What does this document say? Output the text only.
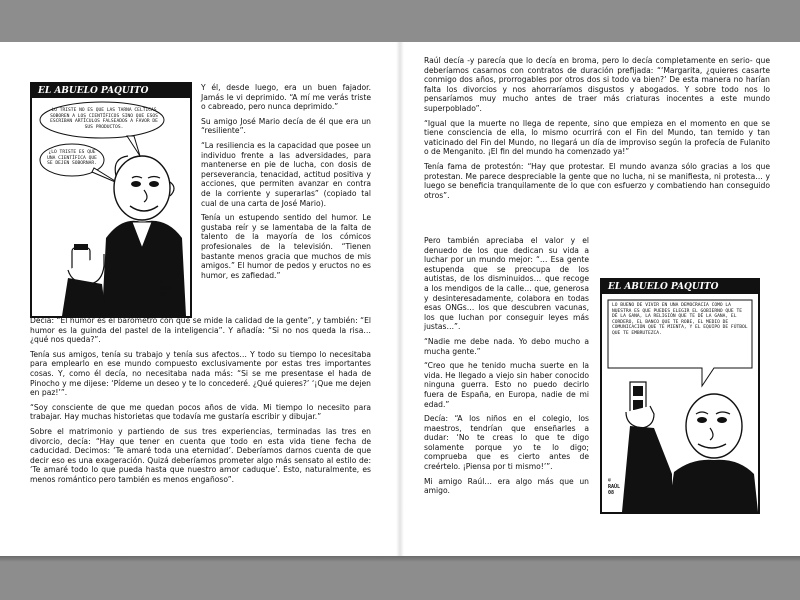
EL ABUELO PAQUITO
LO TRISTE NO ES QUE LAS TARNA CELTICAS SOBOREN A LOS CIENTÍFICOS SINO QUE ESOS ESCRIBAN ARTÍCULOS FALSEADOS A FAVOR DE SUS PRODUCTOS.
¿LO TRISTE ES QUE UNA CIENTÍFICA QUE SE DEJEN SOBORNAR.
©
RAÚL
08

Y él, desde luego, era un buen fajador. Jamás le vi deprimido. “A mí me verás triste o cabreado, pero nunca deprimido.”

Su amigo José Mario decía de él que era un “resiliente”.

“La resiliencia es la capacidad que posee un individuo frente a las adversidades, para mantenerse en pie de lucha, con dosis de perseverancia, tenacidad, actitud positiva y acciones, que permiten avanzar en contra de la corriente y superarlas” (copiado tal cual de una carta de José Mario).

Tenía un estupendo sentido del humor. Le gustaba reír y se lamentaba de la falta de talento de la mayoría de los cómicos profesionales de la televisión. “Tienen bastante menos gracia que muchos de mis amigos.” El humor de pedos y eructos no es humor, es zafiedad.”

Decía: “El humor es el barómetro con que se mide la calidad de la gente”, y también: “El humor es la guinda del pastel de la inteligencia”. Y añadía: “Si no nos queda la risa… ¿qué nos queda?”.

Tenía sus amigos, tenía su trabajo y tenía sus afectos… Y todo su tiempo lo necesitaba para emplearlo en ese mundo compuesto exclusivamente por estas tres importantes cosas. Y, como él decía, no necesitaba nada más: “Si se me presentase el hada de Pinocho y me dijese: ‘Pídeme un deseo y te lo concederé. ¿Qué quieres?’ ‘¡Que me dejen en paz!’”.

“Soy consciente de que me quedan pocos años de vida. Mi tiempo lo necesito para trabajar. Hay muchas historietas que todavía me gustaría escribir y dibujar.”

Sobre el matrimonio y partiendo de sus tres experiencias, terminadas las tres en divorcio, decía: “Hay que tener en cuenta que todo en esta vida tiene fecha de caducidad. Decimos: ‘Te amaré toda una eternidad’. Deberíamos darnos cuenta de que decir eso es una exageración. Quizá deberíamos prometer algo más sensato al estilo de: ‘Te amaré todo lo que pueda hasta que nuestro amor caduque’. Esto, naturalmente, es menos romántico pero también es menos engañoso”.

Raúl decía -y parecía que lo decía en broma, pero lo decía completamente en serio- que deberíamos casarnos con contratos de duración prefijada: “‘Margarita, ¿quieres casarte conmigo dos años, prorrogables por otros dos si todo va bien?’ De esta manera no harían falta los divorcios y nos ahorraríamos disgustos y abogados. Y sobre todo nos lo pensaríamos muy mucho antes de traer más criaturas inocentes a este mundo superpoblado”.

“Igual que la muerte no llega de repente, sino que empieza en el momento en que se tiene consciencia de ella, lo mismo ocurrirá con el Fin del Mundo, tan temido y tan vaticinado del Fin del Mundo, no llegará un día de improviso según la profecía de Fulanito o de Menganito. ¡El fin del mundo ha comenzado ya!”

Tenía fama de protestón: “Hay que protestar. El mundo avanza sólo gracias a los que protestan. Me parece despreciable la gente que no lucha, ni se manifiesta, ni protesta… y luego se beneficia tranquilamente de lo que con esfuerzo y combatiendo han conseguido otros”.

Pero también apreciaba el valor y el denuedo de los que dedican su vida a luchar por un mundo mejor: “… Esa gente estupenda que se preocupa de los autistas, de los disminuidos… que recoge a los mendigos de la calle… que, generosa y desinteresadamente, colabora en todas esas ONGs… los que descubren vacunas, los que luchan por conseguir leyes más justas…”.

“Nadie me debe nada. Yo debo mucho a mucha gente.”

“Creo que he tenido mucha suerte en la vida. He llegado a viejo sin haber conocido ninguna guerra. Esto no puedo decirlo fuera de España, en Europa, nadie de mi edad.”

Decía: “A los niños en el colegio, los maestros, tendrían que enseñarles a dudar: ‘No te creas lo que te digo solamente porque yo te lo digo; comprueba que es cierto antes de creértelo. ¡Piensa por ti mismo!’”.

Mi amigo Raúl… era algo más que un amigo.

EL ABUELO PAQUITO
LO BUENO DE VIVIR EN UNA DEMOCRACIA COMO LA NUESTRA ES QUE PUEDES ELEGIR EL GOBIERNO QUE TE DÉ LA GANA, LA RELIGIÓN QUE TE DÉ LA GANA, EL CORDERO, EL BANCO QUE TE ROBE, EL MEDIO DE COMUNICACIÓN QUE TE MIENTA, Y EL EQUIPO DE FÚTBOL QUE TE EMBRUTEZCA.
©
RAÚL
08
